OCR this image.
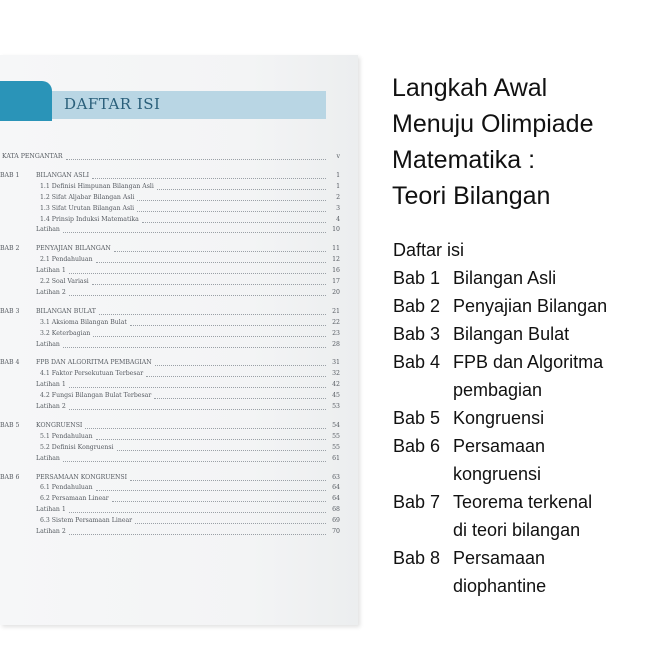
DAFTAR ISI
KATA PENGANTAR	v
BAB 1	BILANGAN ASLI	1
1.1 Definisi Himpunan Bilangan Asli	1
1.2 Sifat Aljabar Bilangan Asli	2
1.3 Sifat Urutan Bilangan Asli	3
1.4 Prinsip Induksi Matematika	4
Latihan	10
BAB 2	PENYAJIAN BILANGAN	11
2.1 Pendahuluan	12
Latihan 1	16
2.2 Soal Variasi	17
Latihan 2	20
BAB 3	BILANGAN BULAT	21
3.1 Aksioma Bilangan Bulat	22
3.2 Keterbagian	23
Latihan	28
BAB 4	FPB DAN ALGORITMA PEMBAGIAN	31
4.1 Faktor Persekutuan Terbesar	32
Latihan 1	42
4.2 Fungsi Bilangan Bulat Terbesar	45
Latihan 2	53
BAB 5	KONGRUENSI	54
5.1 Pendahuluan	55
5.2 Definisi Kongruensi	55
Latihan	61
BAB 6	PERSAMAAN KONGRUENSI	63
6.1 Pendahuluan	64
6.2 Persamaan Linear	64
Latihan 1	68
6.3 Sistem Persamaan Linear	69
Latihan 2	70
Langkah Awal
Menuju Olimpiade
Matematika :
Teori Bilangan
Daftar isi
Bab 1 Bilangan Asli
Bab 2 Penyajian Bilangan
Bab 3 Bilangan Bulat
Bab 4 FPB dan Algoritma
pembagian
Bab 5 Kongruensi
Bab 6 Persamaan
kongruensi
Bab 7 Teorema terkenal
di teori bilangan
Bab 8 Persamaan
diophantine
